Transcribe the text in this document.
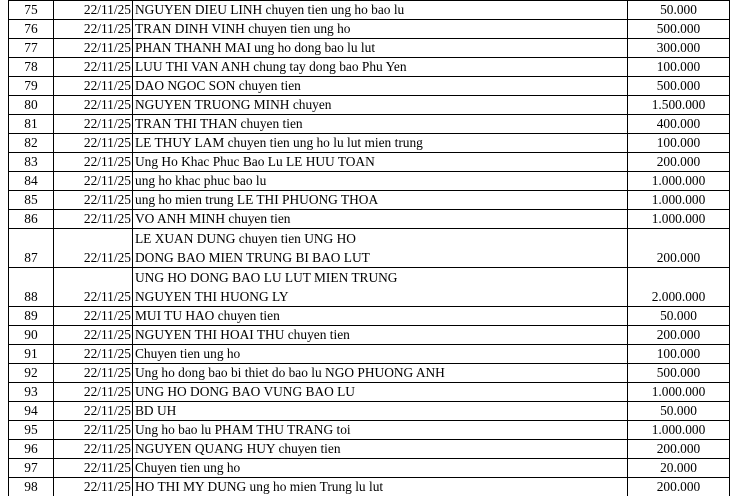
75	22/11/25	NGUYEN DIEU LINH chuyen tien ung ho bao lu	50.000
76	22/11/25	TRAN DINH VINH chuyen tien ung ho	500.000
77	22/11/25	PHAN THANH MAI ung ho dong bao lu lut	300.000
78	22/11/25	LUU THI VAN ANH chung tay dong bao Phu Yen	100.000
79	22/11/25	DAO NGOC SON chuyen tien	500.000
80	22/11/25	NGUYEN TRUONG MINH chuyen	1.500.000
81	22/11/25	TRAN THI THAN chuyen tien	400.000
82	22/11/25	LE THUY LAM chuyen tien ung ho lu lut mien trung	100.000
83	22/11/25	Ung Ho Khac Phuc Bao Lu LE HUU TOAN	200.000
84	22/11/25	ung ho khac phuc bao lu	1.000.000
85	22/11/25	ung ho mien trung LE THI PHUONG THOA	1.000.000
86	22/11/25	VO ANH MINH chuyen tien	1.000.000
87	22/11/25	LE XUAN DUNG chuyen tien UNG HO
DONG BAO MIEN TRUNG BI BAO LUT	200.000
88	22/11/25	UNG HO DONG BAO LU LUT MIEN TRUNG
NGUYEN THI HUONG LY	2.000.000
89	22/11/25	MUI TU HAO chuyen tien	50.000
90	22/11/25	NGUYEN THI HOAI THU chuyen tien	200.000
91	22/11/25	Chuyen tien ung ho	100.000
92	22/11/25	Ung ho dong bao bi thiet do bao lu NGO PHUONG ANH	500.000
93	22/11/25	UNG HO DONG BAO VUNG BAO LU	1.000.000
94	22/11/25	BD UH	50.000
95	22/11/25	Ung ho bao lu PHAM THU TRANG toi	1.000.000
96	22/11/25	NGUYEN QUANG HUY chuyen tien	200.000
97	22/11/25	Chuyen tien ung ho	20.000
98	22/11/25	HO THI MY DUNG ung ho mien Trung lu lut	200.000
